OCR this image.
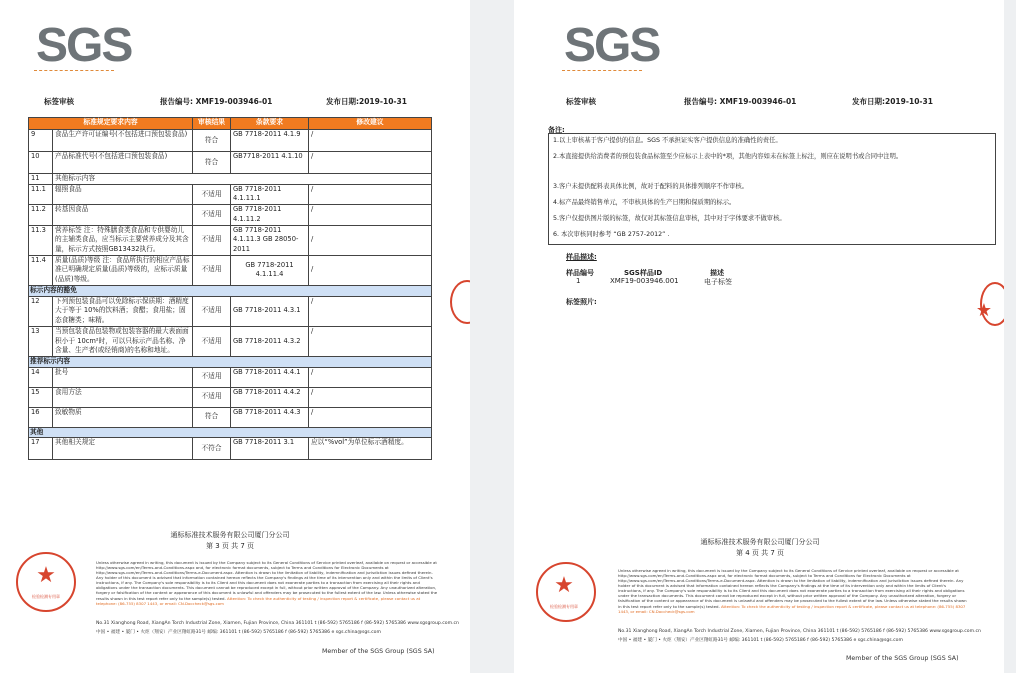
SGS
标签审核	报告编号: XMF19-003946-01	发布日期:2019-10-31
标准规定要求内容		审核结果	条款要求	修改建议
9	食品生产许可证编号(不包括进口预包装食品)	符合	GB 7718-2011 4.1.9	/
10	产品标准代号(不包括进口预包装食品)	符合	GB7718-2011 4.1.10	/
11	其他标示内容			
11.1	辐照食品	不适用	GB 7718-2011 4.1.11.1	/
11.2	转基因食品	不适用	GB 7718-2011 4.1.11.2	/
11.3	营养标签 注：特殊膳食类食品和专供婴幼儿的主辅类食品，应当标示主要营养成分及其含量，标示方式按照GB13432执行。	不适用	GB 7718-2011 4.1.11.3 GB 28050-2011	/
11.4	质量(品质)等级 注：食品所执行的相应产品标准已明确规定质量(品质)等级的，应标示质量(品质)等级。	不适用	GB 7718-2011 4.1.11.4	/
标示内容的豁免				
12	下列预包装食品可以免除标示保质期：酒精度大于等于 10%的饮料酒；食醋；食用盐；固态食糖类；味精。	不适用	GB 7718-2011 4.3.1	/
13	当预包装食品包装物或包装容器的最大表面面积小于 10cm²时，可以只标示产品名称、净含量、生产者(或经销商)的名称和地址。	不适用	GB 7718-2011 4.3.2	/
推荐标示内容				
14	批号	不适用	GB 7718-2011 4.4.1	/
15	食用方法	不适用	GB 7718-2011 4.4.2	/
16	致敏物质	符合	GB 7718-2011 4.4.3	/
其他				
17	其他相关规定	不符合	GB 7718-2011 3.1	应以“%vol”为单位标示酒精度。
通标标准技术服务有限公司厦门分公司
第 3 页 共 7 页
★
检验检测专用章
Unless otherwise agreed in writing, this document is issued by the Company subject to its General Conditions of Service printed overleaf, available on request or accessible at http://www.sgs.com/en/Terms-and-Conditions.aspx and, for electronic format documents, subject to Terms and Conditions for Electronic Documents at http://www.sgs.com/en/Terms-and-Conditions/Terms-e-Document.aspx. Attention is drawn to the limitation of liability, indemnification and jurisdiction issues defined therein. Any holder of this document is advised that information contained hereon reflects the Company's findings at the time of its intervention only and within the limits of Client's instructions, if any. The Company's sole responsibility is to its Client and this document does not exonerate parties to a transaction from exercising all their rights and obligations under the transaction documents. This document cannot be reproduced except in full, without prior written approval of the Company. Any unauthorized alteration, forgery or falsification of the content or appearance of this document is unlawful and offenders may be prosecuted to the fullest extent of the law. Unless otherwise stated the results shown in this test report refer only to the sample(s) tested. Attention: To check the authenticity of testing / inspection report & certificate, please contact us at telephone: (86-755) 8307 1443, or email: CN.Doccheck@sgs.com
No.31 Xianghong Road, XiangAn Torch Industrial Zone, Xiamen, Fujian Province, China 361101 t (86-592) 5765186 f (86-592) 5765386 www.sgsgroup.com.cn
中国 • 福建 • 厦门 • 火炬（翔安）产业区翔虹路31号 邮编: 361101 t (86-592) 5765186 f (86-592) 5765386 e sgs.china@sgs.com
Member of the SGS Group (SGS SA)
SGS
标签审核	报告编号: XMF19-003946-01	发布日期:2019-10-31
备注:
1.以上审核基于客户提供的信息。SGS 不承担证实客户提供信息的准确性的责任。
2.本直接提供给消费者的预包装食品标签至少应标示上表中的*项，其他内容如未在标签上标注，则应在说明书或合同中注明。
3.客户未提供配料表具体比例，故对于配料的具体排列顺序不作审核。
4.标产品最终销售单元，不审核具体的生产日期和保质期的标示。
5.客户仅提供图片版的标签，故仅对其标签信息审核，其中对于字体要求不做审核。
6. 本次审核同时参考 “GB 2757-2012” .
样品描述:
样品编号	SGS样品ID	描述
1	XMF19-003946.001	电子标签
标签照片:
通标标准技术服务有限公司厦门分公司
第 4 页 共 7 页
★
检验检测专用章
Unless otherwise agreed in writing, this document is issued by the Company subject to its General Conditions of Service printed overleaf, available on request or accessible at http://www.sgs.com/en/Terms-and-Conditions.aspx and, for electronic format documents, subject to Terms and Conditions for Electronic Documents at http://www.sgs.com/en/Terms-and-Conditions/Terms-e-Document.aspx. Attention is drawn to the limitation of liability, indemnification and jurisdiction issues defined therein. Any holder of this document is advised that information contained hereon reflects the Company's findings at the time of its intervention only and within the limits of Client's instructions, if any. The Company's sole responsibility is to its Client and this document does not exonerate parties to a transaction from exercising all their rights and obligations under the transaction documents. This document cannot be reproduced except in full, without prior written approval of the Company. Any unauthorized alteration, forgery or falsification of the content or appearance of this document is unlawful and offenders may be prosecuted to the fullest extent of the law. Unless otherwise stated the results shown in this test report refer only to the sample(s) tested. Attention: To check the authenticity of testing / inspection report & certificate, please contact us at telephone: (86-755) 8307 1443, or email: CN.Doccheck@sgs.com
No.31 Xianghong Road, XiangAn Torch Industrial Zone, Xiamen, Fujian Province, China 361101 t (86-592) 5765186 f (86-592) 5765386 www.sgsgroup.com.cn
中国 • 福建 • 厦门 • 火炬（翔安）产业区翔虹路31号 邮编: 361101 t (86-592) 5765186 f (86-592) 5765386 e sgs.china@sgs.com
Member of the SGS Group (SGS SA)
★
